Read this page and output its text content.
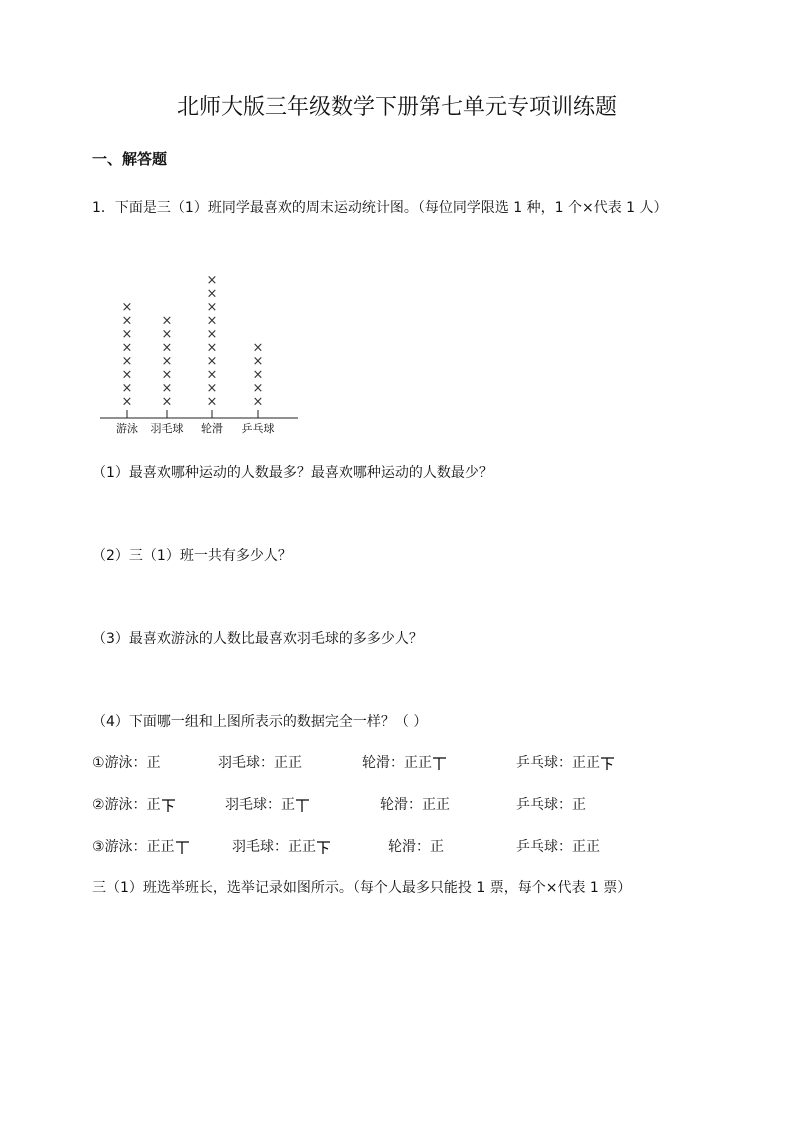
北师大版三年级数学下册第七单元专项训练题
一、解答题
1．下面是三（1）班同学最喜欢的周末运动统计图。（每位同学限选 1 种，1 个×代表 1 人）
×
×
×
×
×
×
×
×
游泳
×
×
×
×
×
×
×
羽毛球
×
×
×
×
×
×
×
×
×
×
轮滑
×
×
×
×
×
乒乓球
（1）最喜欢哪种运动的人数最多？最喜欢哪种运动的人数最少？
（2）三（1）班一共有多少人？
（3）最喜欢游泳的人数比最喜欢羽毛球的多多少人？
（4）下面哪一组和上图所表示的数据完全一样？（ ）
①游泳：正	羽毛球：正正	轮滑：正正	乒乓球：正正
②游泳：正	羽毛球：正	轮滑：正正	乒乓球：正
③游泳：正正	羽毛球：正正	轮滑：正	乒乓球：正正
三（1）班选举班长，选举记录如图所示。（每个人最多只能投 1 票，每个×代表 1 票）
